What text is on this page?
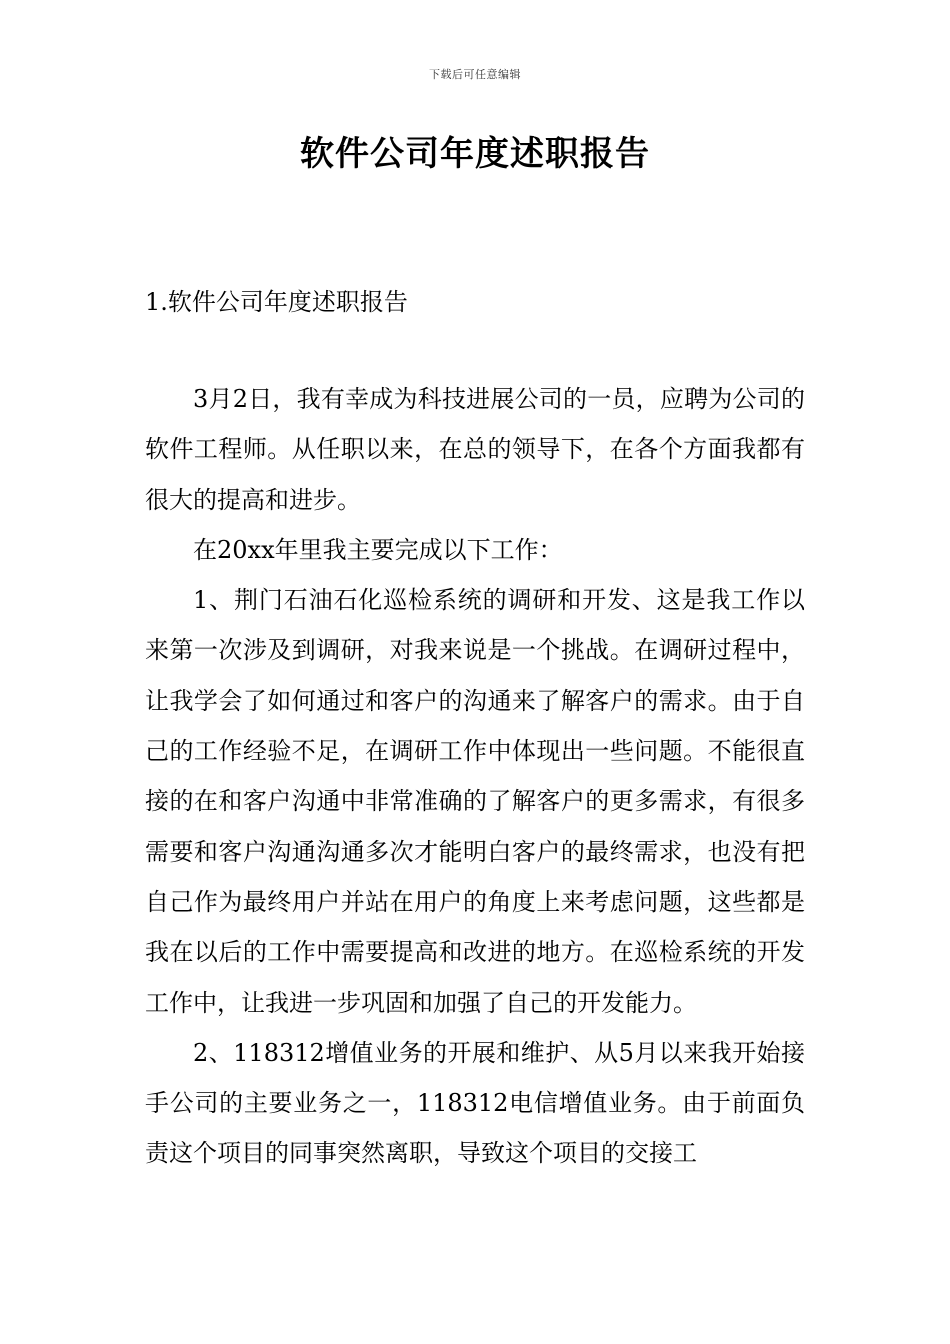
下载后可任意编辑
软件公司年度述职报告
1.软件公司年度述职报告

3月2日，我有幸成为科技进展公司的一员，应聘为公司的软件工程师。从任职以来，在总的领导下，在各个方面我都有很大的提高和进步。

在20xx年里我主要完成以下工作：

1、荆门石油石化巡检系统的调研和开发、这是我工作以来第一次涉及到调研，对我来说是一个挑战。在调研过程中，让我学会了如何通过和客户的沟通来了解客户的需求。由于自己的工作经验不足，在调研工作中体现出一些问题。不能很直接的在和客户沟通中非常准确的了解客户的更多需求，有很多需要和客户沟通沟通多次才能明白客户的最终需求，也没有把自己作为最终用户并站在用户的角度上来考虑问题，这些都是我在以后的工作中需要提高和改进的地方。在巡检系统的开发工作中，让我进一步巩固和加强了自己的开发能力。

2、118312增值业务的开展和维护、从5月以来我开始接手公司的主要业务之一，118312电信增值业务。由于前面负责这个项目的同事突然离职，导致这个项目的交接工
